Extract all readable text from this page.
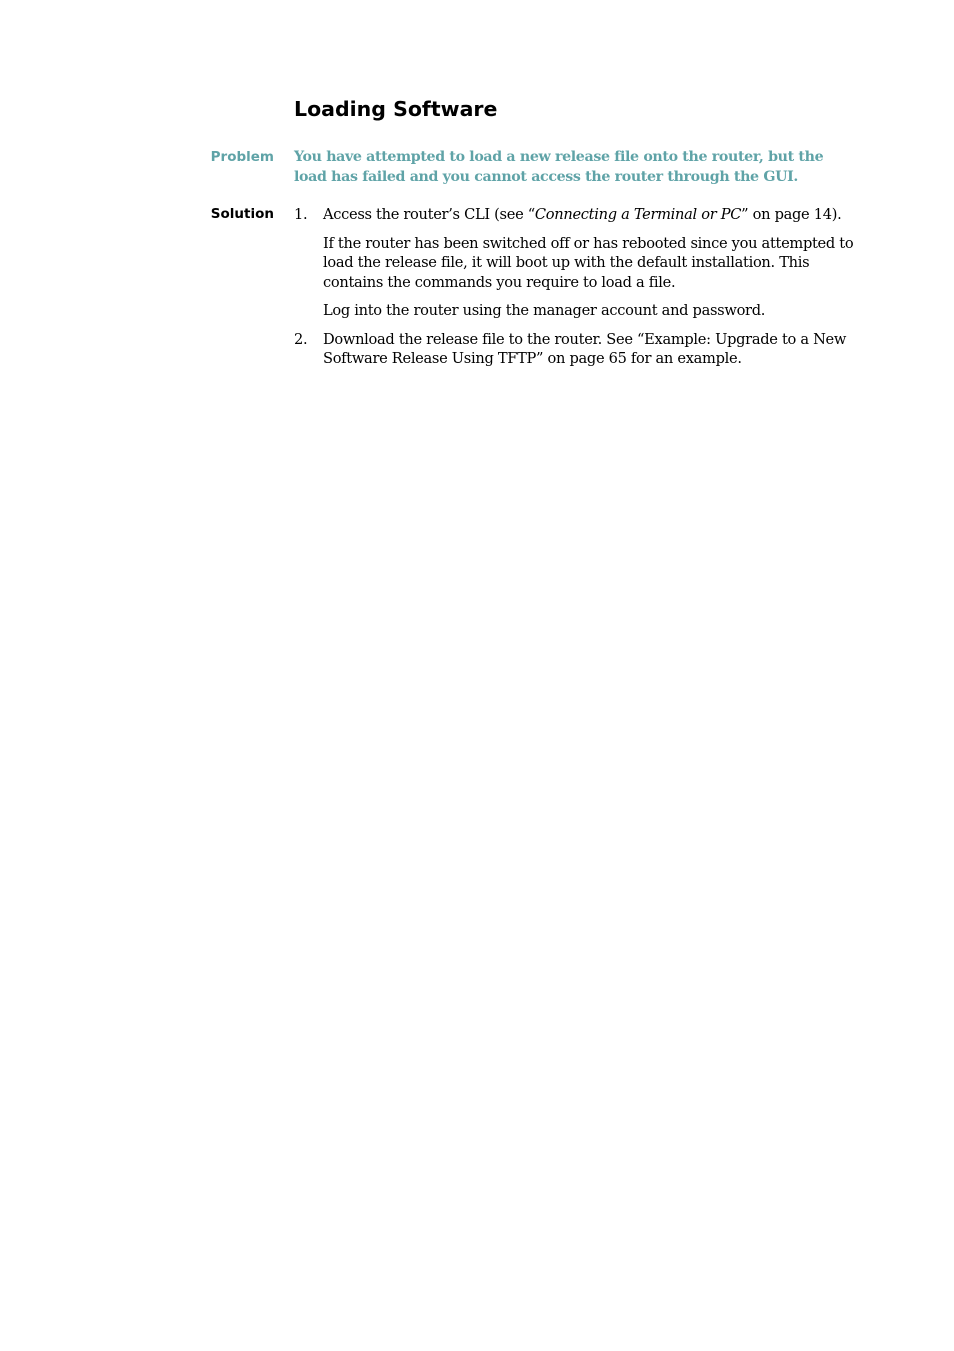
Loading Software
Problem You have attempted to load a new release file onto the router, but the load has failed and you cannot access the router through the GUI.

Solution 1. Access the router’s CLI (see “Connecting a Terminal or PC” on page 14).

If the router has been switched off or has rebooted since you attempted to load the release file, it will boot up with the default installation. This contains the commands you require to load a file.

Log into the router using the manager account and password.

2. Download the release file to the router. See “Example: Upgrade to a New Software Release Using TFTP” on page 65 for an example.
